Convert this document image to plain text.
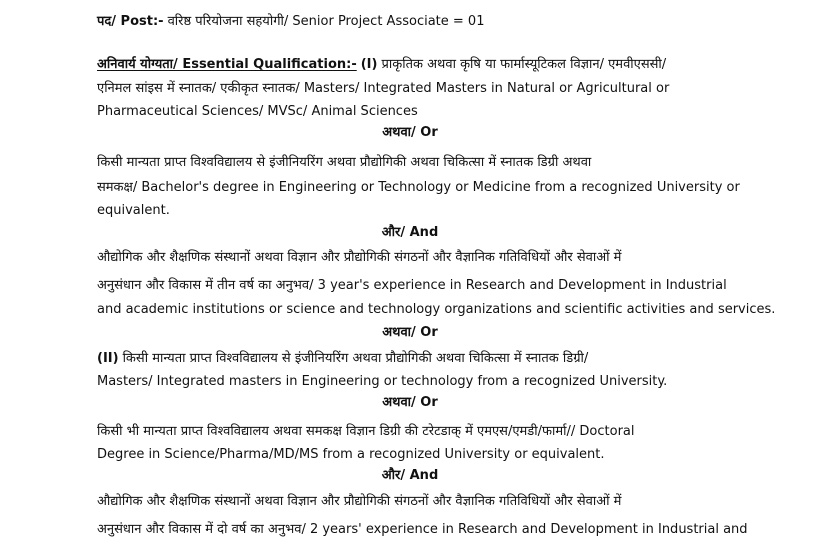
पद/ Post:- वरिष्ठ परियोजना सहयोगी/ Senior Project Associate = 01
अनिवार्य योग्यता/ Essential Qualification:- (I) प्राकृतिक अथवा कृषि या फार्मास्यूटिकल विज्ञान/ एमवीएससी/
एनिमल सांइस में स्नातक/ एकीकृत स्नातक/ Masters/ Integrated Masters in Natural or Agricultural or
Pharmaceutical Sciences/ MVSc/ Animal Sciences
अथवा/ Or
किसी मान्यता प्राप्त विश्वविद्यालय से इंजीनियरिंग अथवा प्रौद्योगिकी अथवा चिकित्सा में स्नातक डिग्री अथवा
समकक्ष/ Bachelor's degree in Engineering or Technology or Medicine from a recognized University or
equivalent.
और/ And
औद्योगिक और शैक्षणिक संस्थानों अथवा विज्ञान और प्रौद्योगिकी संगठनों और वैज्ञानिक गतिविधियों और सेवाओं में
अनुसंधान और विकास में तीन वर्ष का अनुभव/ 3 year's experience in Research and Development in Industrial
and academic institutions or science and technology organizations and scientific activities and services.
अथवा/ Or
(II) किसी मान्यता प्राप्त विश्वविद्यालय से इंजीनियरिंग अथवा प्रौद्योगिकी अथवा चिकित्सा में स्नातक डिग्री/
Masters/ Integrated masters in Engineering or technology from a recognized University.
अथवा/ Or
किसी भी मान्यता प्राप्त विश्वविद्यालय अथवा समकक्ष विज्ञान डिग्री की टरेटडाक् में एमएस/एमडी/फार्मा// Doctoral
Degree in Science/Pharma/MD/MS from a recognized University or equivalent.
और/ And
औद्योगिक और शैक्षणिक संस्थानों अथवा विज्ञान और प्रौद्योगिकी संगठनों और वैज्ञानिक गतिविधियों और सेवाओं में
अनुसंधान और विकास में दो वर्ष का अनुभव/ 2 years' experience in Research and Development in Industrial and
